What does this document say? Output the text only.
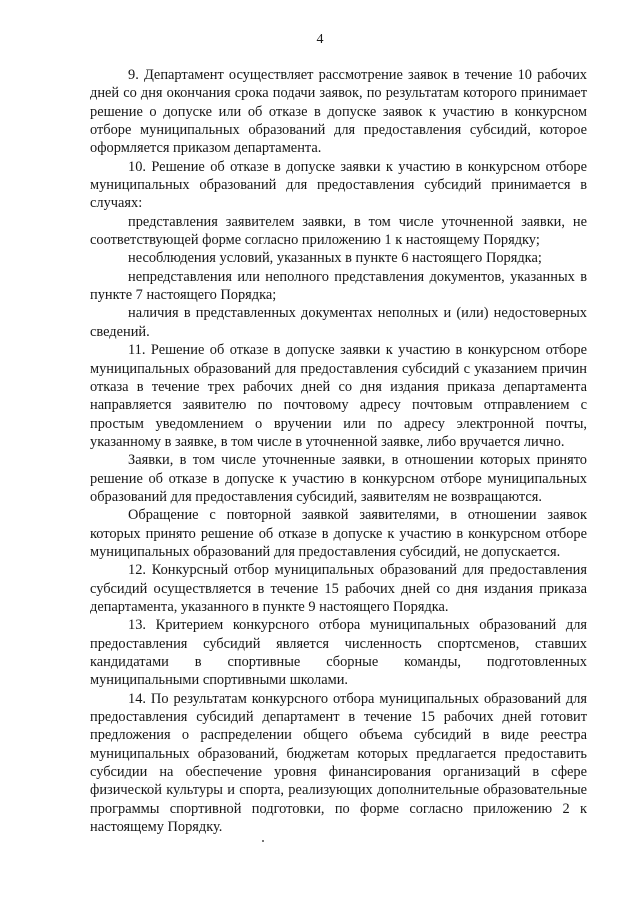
4

9. Департамент осуществляет рассмотрение заявок в течение 10 рабочих дней со дня окончания срока подачи заявок, по результатам которого принимает решение о допуске или об отказе в допуске заявок к участию в конкурсном отборе муниципальных образований для предоставления субсидий, которое оформляется приказом департамента.

10. Решение об отказе в допуске заявки к участию в конкурсном отборе муниципальных образований для предоставления субсидий принимается в случаях:

представления заявителем заявки, в том числе уточненной заявки, не соответствующей форме согласно приложению 1 к настоящему Порядку;

несоблюдения условий, указанных в пункте 6 настоящего Порядка;

непредставления или неполного представления документов, указанных в пункте 7 настоящего Порядка;

наличия в представленных документах неполных и (или) недостоверных сведений.

11. Решение об отказе в допуске заявки к участию в конкурсном отборе муниципальных образований для предоставления субсидий с указанием причин отказа в течение трех рабочих дней со дня издания приказа департамента направляется заявителю по почтовому адресу почтовым отправлением с простым уведомлением о вручении или по адресу электронной почты, указанному в заявке, в том числе в уточненной заявке, либо вручается лично.

Заявки, в том числе уточненные заявки, в отношении которых принято решение об отказе в допуске к участию в конкурсном отборе муниципальных образований для предоставления субсидий, заявителям не возвращаются.

Обращение с повторной заявкой заявителями, в отношении заявок которых принято решение об отказе в допуске к участию в конкурсном отборе муниципальных образований для предоставления субсидий, не допускается.

12. Конкурсный отбор муниципальных образований для предоставления субсидий осуществляется в течение 15 рабочих дней со дня издания приказа департамента, указанного в пункте 9 настоящего Порядка.

13. Критерием конкурсного отбора муниципальных образований для предоставления субсидий является численность спортсменов, ставших кандидатами в спортивные сборные команды, подготовленных муниципальными спортивными школами.

14. По результатам конкурсного отбора муниципальных образований для предоставления субсидий департамент в течение 15 рабочих дней готовит предложения о распределении общего объема субсидий в виде реестра муниципальных образований, бюджетам которых предлагается предоставить субсидии на обеспечение уровня финансирования организаций в сфере физической культуры и спорта, реализующих дополнительные образовательные программы спортивной подготовки, по форме согласно приложению 2 к настоящему Порядку.
